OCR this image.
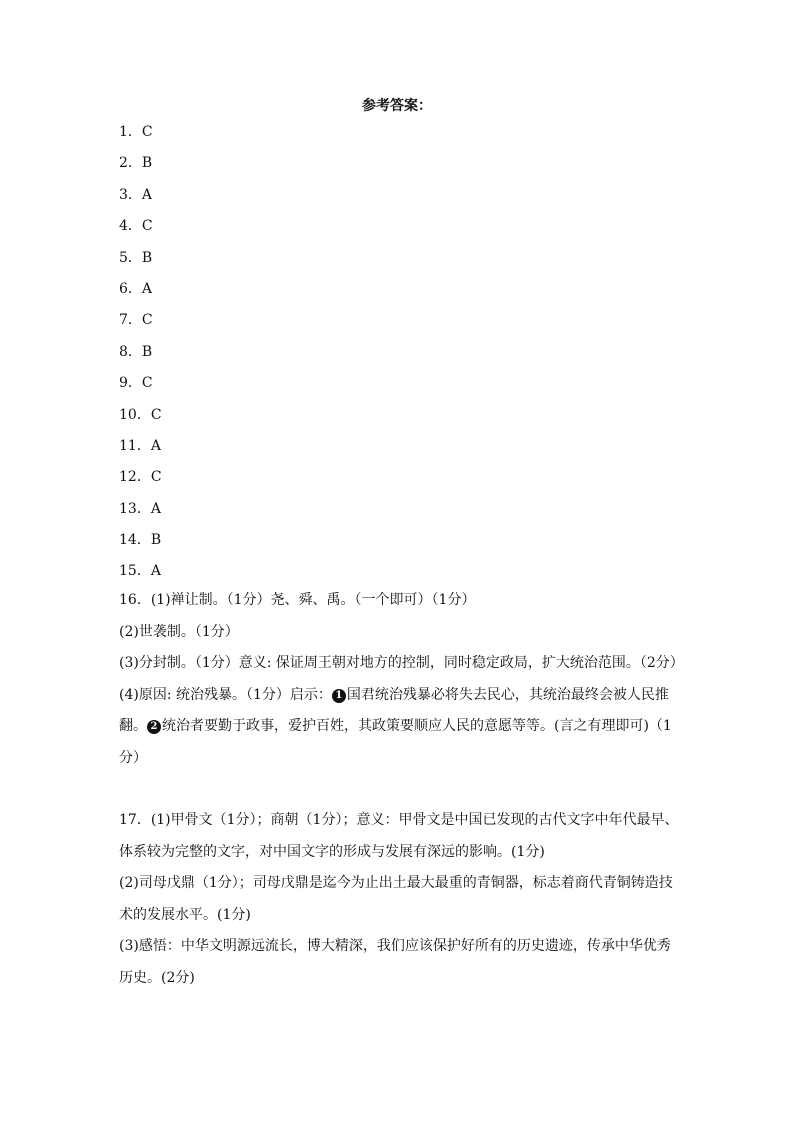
参考答案：
1．C
2．B
3．A
4．C
5．B
6．A
7．C
8．B
9．C
10．C
11．A
12．C
13．A
14．B
15．A
16．(1)禅让制。（1分）尧、舜、禹。（一个即可）（1分）
(2)世袭制。（1分）
(3)分封制。（1分）意义: 保证周王朝对地方的控制，同时稳定政局，扩大统治范围。（2分）
(4)原因: 统治残暴。（1分）启示： 1 国君统治残暴必将失去民心，其统治最终会被人民推
翻。 2 统治者要勤于政事，爱护百姓，其政策要顺应人民的意愿等等。(言之有理即可)（1
分）
17．(1)甲骨文（1分）；商朝（1分）；意义：甲骨文是中国已发现的古代文字中年代最早、
体系较为完整的文字，对中国文字的形成与发展有深远的影响。(1分)
(2)司母戊鼎（1分）；司母戊鼎是迄今为止出土最大最重的青铜器，标志着商代青铜铸造技
术的发展水平。(1分)
(3)感悟：中华文明源远流长，博大精深，我们应该保护好所有的历史遗迹，传承中华优秀
历史。(2分)
